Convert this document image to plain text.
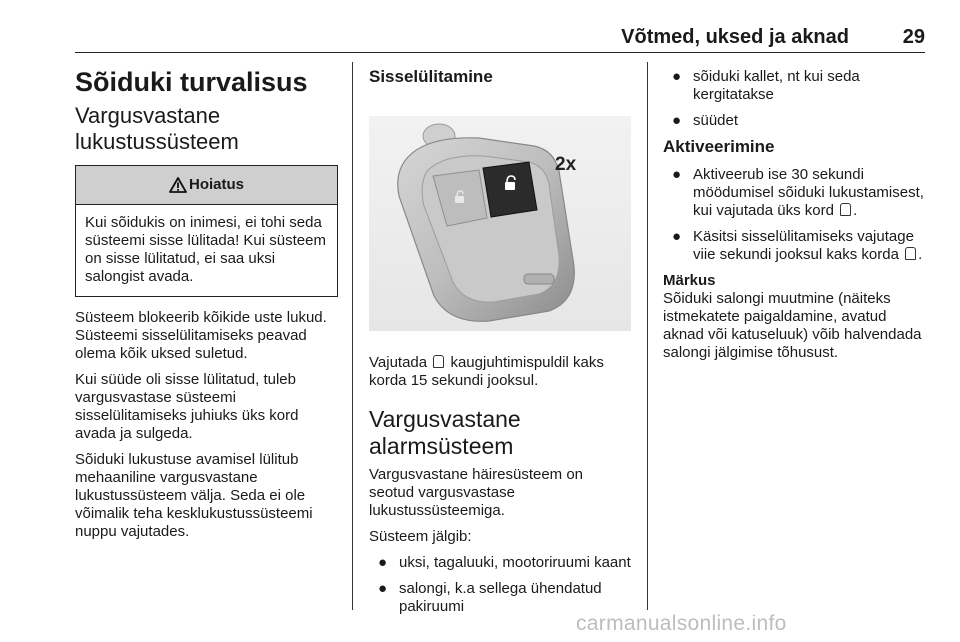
Võtmed, uksed ja aknad	29
Sõiduki turvalisus
Vargusvastane
lukustussüsteem
Hoiatus
Kui sõidukis on inimesi, ei tohi seda süsteemi sisse lülitada! Kui süsteem on sisse lülitatud, ei saa uksi salongist avada.

Süsteem blokeerib kõikide uste lukud. Süsteemi sisselülitamiseks peavad olema kõik uksed suletud.

Kui süüde oli sisse lülitatud, tuleb vargusvastase süsteemi sisselülitamiseks juhiuks üks kord avada ja sulgeda.

Sõiduki lukustuse avamisel lülitub mehaaniline vargusvastane lukustussüsteem välja. Seda ei ole võimalik teha kesklukustussüsteemi nuppu vajutades.

Sisselülitamine
2x

Vajutada kaugjuhtimispuldil kaks korda 15 sekundi jooksul.

Vargusvastane
alarmsüsteem

Vargusvastane häiresüsteem on seotud vargusvastase lukustussüsteemiga.

Süsteem jälgib:

● uksi, tagaluuki, mootoriruumi kaant
● salongi, k.a sellega ühendatud pakiruumi
● sõiduki kallet, nt kui seda kergitatakse
● süüdet
Aktiveerimine
● Aktiveerub ise 30 sekundi möödumisel sõiduki lukustamisest, kui vajutada üks kord .
● Käsitsi sisselülitamiseks vajutage viie sekundi jooksul kaks korda .
Märkus

Sõiduki salongi muutmine (näiteks istmekatete paigaldamine, avatud aknad või katuseluuk) võib halvendada salongi jälgimise tõhusust.

carmanualsonline.info
